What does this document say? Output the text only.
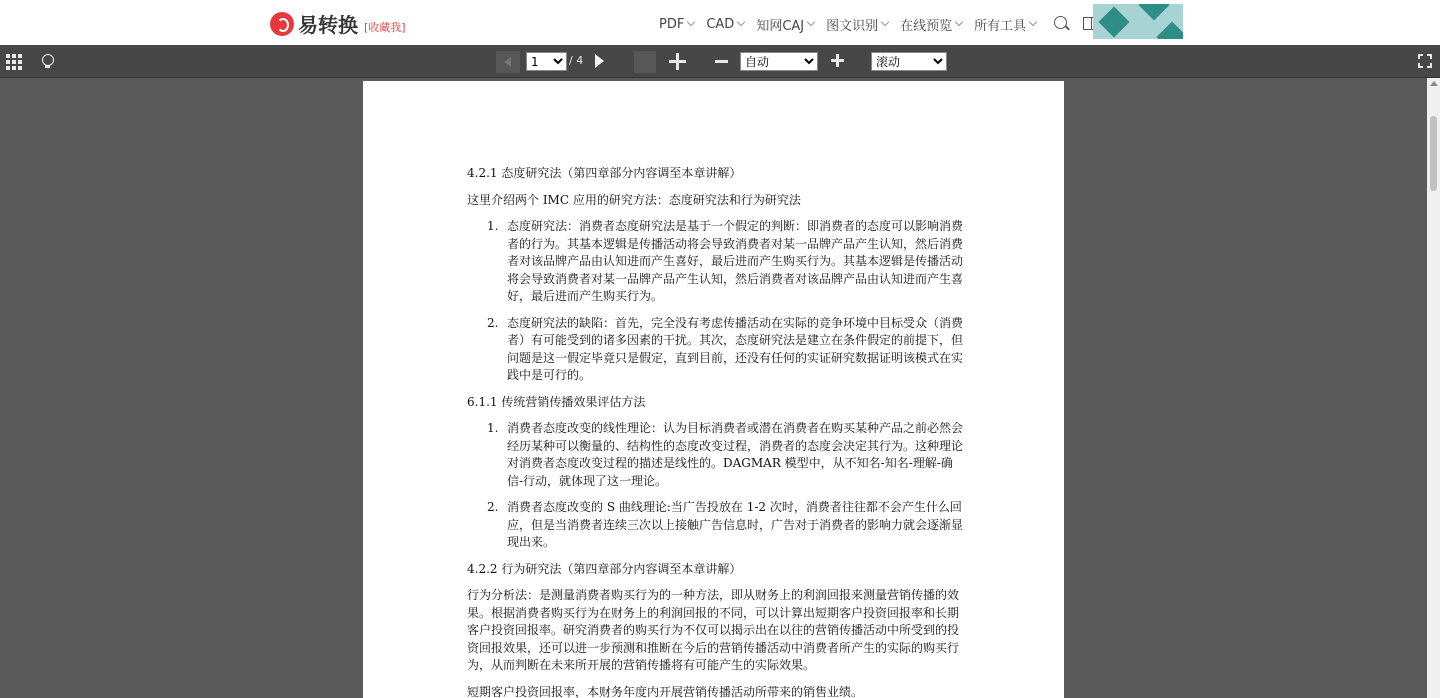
易转换 [收藏我]	PDF CAD 知网CAJ 图文识别 在线预览 所有工具
1
/ 4
自动
滚动
4.2.1 态度研究法（第四章部分内容调至本章讲解）
这里介绍两个 IMC 应用的研究方法：态度研究法和行为研究法
1. 态度研究法：消费者态度研究法是基于一个假定的判断：即消费者的态度可以影响消费者的行为。其基本逻辑是传播活动将会导致消费者对某一品牌产品产生认知，然后消费者对该品牌产品由认知进而产生喜好，最后进而产生购买行为。其基本逻辑是传播活动将会导致消费者对某一品牌产品产生认知，然后消费者对该品牌产品由认知进而产生喜好，最后进而产生购买行为。
2. 态度研究法的缺陷：首先，完全没有考虑传播活动在实际的竞争环境中目标受众（消费者）有可能受到的诸多因素的干扰。其次，态度研究法是建立在条件假定的前提下，但问题是这一假定毕竟只是假定，直到目前，还没有任何的实证研究数据证明该模式在实践中是可行的。
6.1.1 传统营销传播效果评估方法
1. 消费者态度改变的线性理论：认为目标消费者或潜在消费者在购买某种产品之前必然会经历某种可以衡量的、结构性的态度改变过程，消费者的态度会决定其行为。这种理论对消费者态度改变过程的描述是线性的。DAGMAR 模型中，从不知名-知名-理解-确信-行动，就体现了这一理论。
2. 消费者态度改变的 S 曲线理论:当广告投放在 1-2 次时，消费者往往都不会产生什么回应，但是当消费者连续三次以上接触广告信息时，广告对于消费者的影响力就会逐渐显现出来。
4.2.2 行为研究法（第四章部分内容调至本章讲解）
行为分析法：是测量消费者购买行为的一种方法，即从财务上的利润回报来测量营销传播的效果。根据消费者购买行为在财务上的利润回报的不同，可以计算出短期客户投资回报率和长期客户投资回报率。研究消费者的购买行为不仅可以揭示出在以往的营销传播活动中所受到的投资回报效果，还可以进一步预测和推断在今后的营销传播活动中消费者所产生的实际的购买行为，从而判断在未来所开展的营销传播将有可能产生的实际效果。
短期客户投资回报率，本财务年度内开展营销传播活动所带来的销售业绩。
